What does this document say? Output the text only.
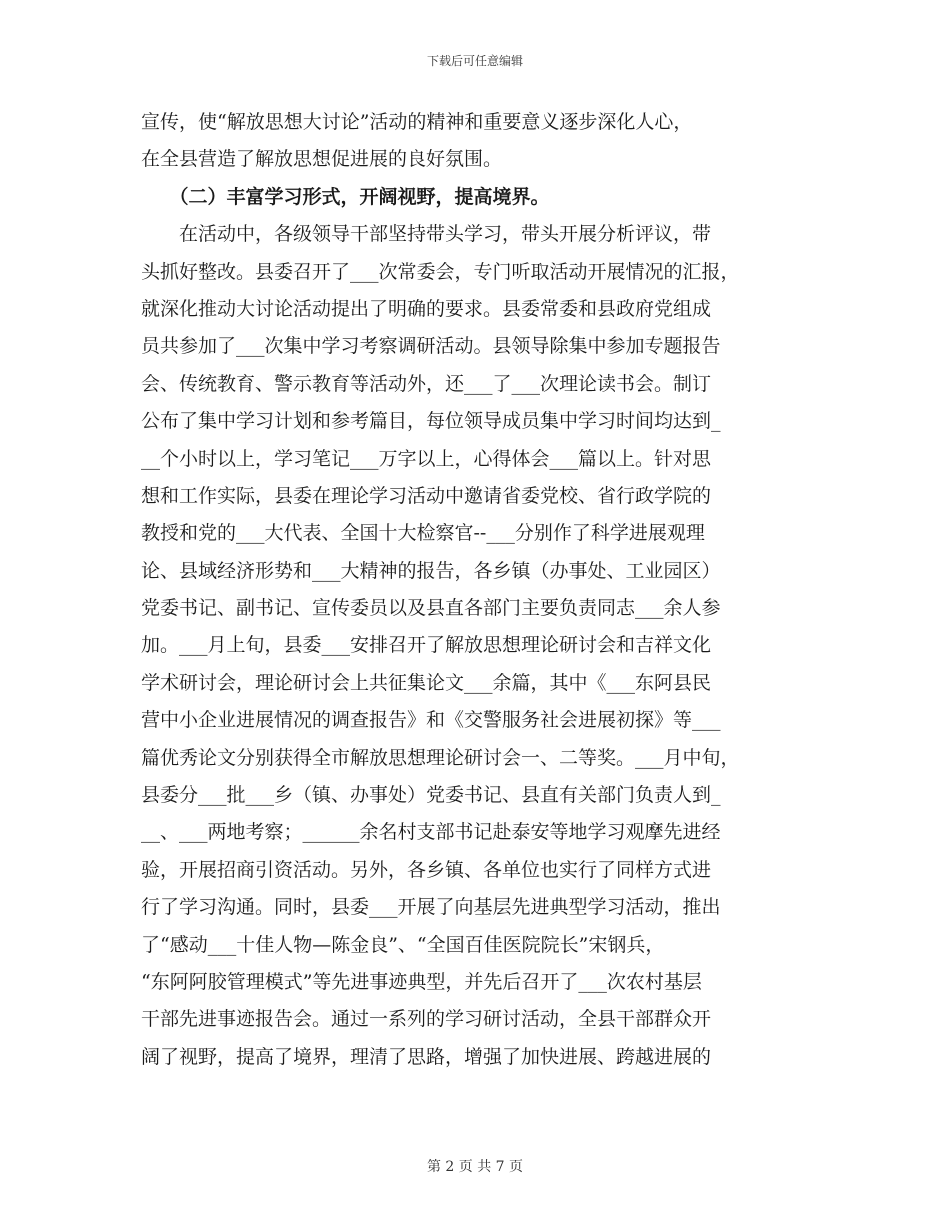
下载后可任意编辑
宣传，使“解放思想大讨论”活动的精神和重要意义逐步深化人心，
在全县营造了解放思想促进展的良好氛围。
　　（二）丰富学习形式，开阔视野，提高境界。
　　在活动中，各级领导干部坚持带头学习，带头开展分析评议，带
头抓好整改。县委召开了___次常委会，专门听取活动开展情况的汇报，
就深化推动大讨论活动提出了明确的要求。县委常委和县政府党组成
员共参加了___次集中学习考察调研活动。县领导除集中参加专题报告
会、传统教育、警示教育等活动外，还___了___次理论读书会。制订
公布了集中学习计划和参考篇目，每位领导成员集中学习时间均达到_
__个小时以上，学习笔记___万字以上，心得体会___篇以上。针对思
想和工作实际，县委在理论学习活动中邀请省委党校、省行政学院的
教授和党的___大代表、全国十大检察官--___分别作了科学进展观理
论、县域经济形势和___大精神的报告，各乡镇（办事处、工业园区）
党委书记、副书记、宣传委员以及县直各部门主要负责同志___余人参
加。___月上旬，县委___安排召开了解放思想理论研讨会和吉祥文化
学术研讨会，理论研讨会上共征集论文___余篇，其中《___东阿县民
营中小企业进展情况的调查报告》和《交警服务社会进展初探》等___
篇优秀论文分别获得全市解放思想理论研讨会一、二等奖。___月中旬，
县委分___批___乡（镇、办事处）党委书记、县直有关部门负责人到_
__、___两地考察；______余名村支部书记赴泰安等地学习观摩先进经
验，开展招商引资活动。另外，各乡镇、各单位也实行了同样方式进
行了学习沟通。同时，县委___开展了向基层先进典型学习活动，推出
了“感动___十佳人物—陈金良”、“全国百佳医院院长”宋钢兵，
“东阿阿胶管理模式”等先进事迹典型，并先后召开了___次农村基层
干部先进事迹报告会。通过一系列的学习研讨活动，全县干部群众开
阔了视野，提高了境界，理清了思路，增强了加快进展、跨越进展的
第 2 页 共 7 页
